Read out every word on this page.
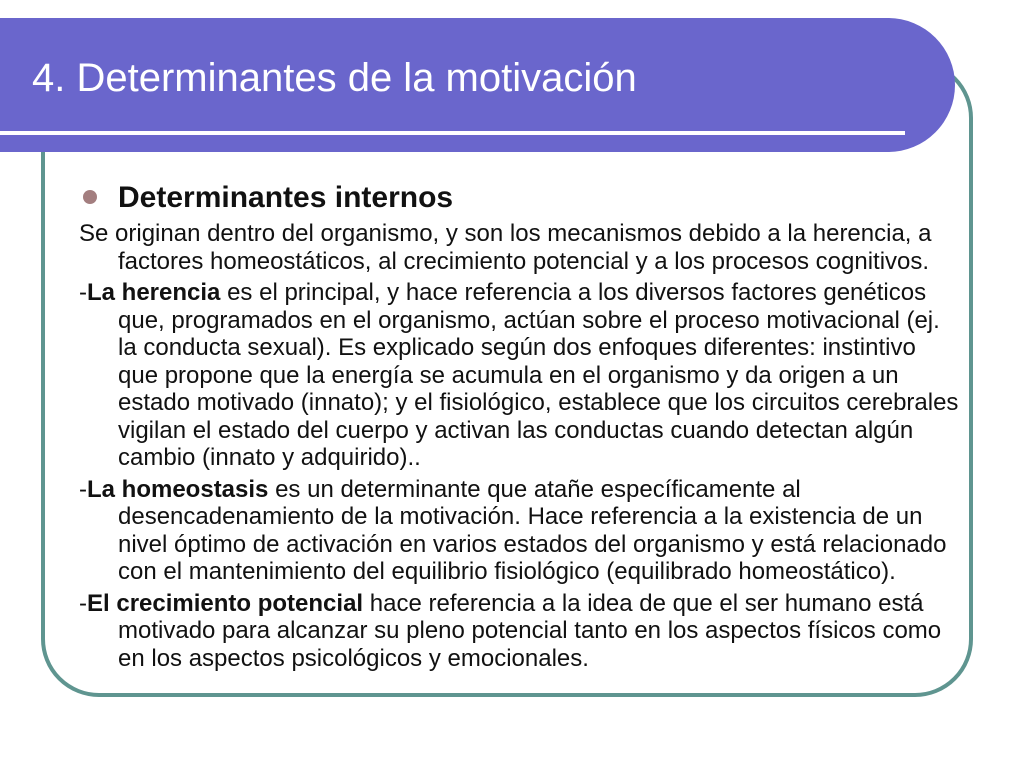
4. Determinantes de la motivación
Determinantes internos

Se originan dentro del organismo, y son los mecanismos debido a la herencia, a factores homeostáticos, al crecimiento potencial y a los procesos cognitivos.

-La herencia es el principal, y hace referencia a los diversos factores genéticos que, programados en el organismo, actúan sobre el proceso motivacional (ej. la conducta sexual). Es explicado según dos enfoques diferentes: instintivo que propone que la energía se acumula en el organismo y da origen a un estado motivado (innato); y el fisiológico, establece que los circuitos cerebrales vigilan el estado del cuerpo y activan las conductas cuando detectan algún cambio (innato y adquirido)..

-La homeostasis es un determinante que atañe específicamente al desencadenamiento de la motivación. Hace referencia a la existencia de un nivel óptimo de activación en varios estados del organismo y está relacionado con el mantenimiento del equilibrio fisiológico (equilibrado homeostático).

-El crecimiento potencial hace referencia a la idea de que el ser humano está motivado para alcanzar su pleno potencial tanto en los aspectos físicos como en los aspectos psicológicos y emocionales.
